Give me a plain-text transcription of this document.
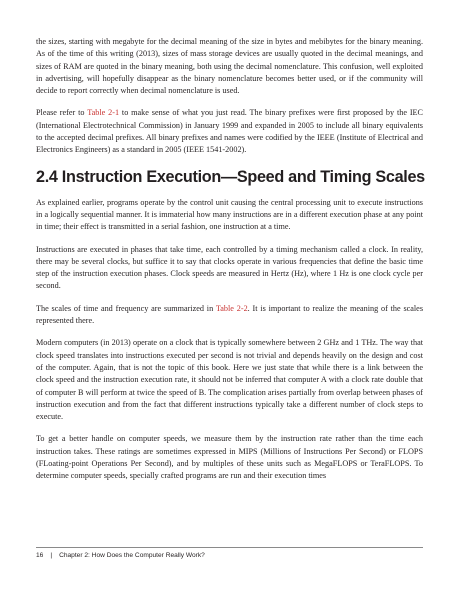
the sizes, starting with megabyte for the decimal meaning of the size in bytes and mebibytes for the binary meaning. As of the time of this writing (2013), sizes of mass storage devices are usually quoted in the decimal meanings, and sizes of RAM are quoted in the binary meaning, both using the decimal nomenclature. This confusion, well exploited in advertising, will hopefully disappear as the binary nomenclature becomes better used, or if the community will decide to report correctly when decimal nomenclature is used.

Please refer to Table 2-1 to make sense of what you just read. The binary prefixes were first proposed by the IEC (International Electrotechnical Commission) in January 1999 and expanded in 2005 to include all binary equivalents to the accepted decimal prefixes. All binary prefixes and names were codified by the IEEE (Institute of Electrical and Electronics Engineers) as a standard in 2005 (IEEE 1541-2002).

2.4 Instruction Execution—Speed and Timing Scales

As explained earlier, programs operate by the control unit causing the central processing unit to execute instructions in a logically sequential manner. It is immaterial how many instructions are in a different execution phase at any point in time; their effect is transmitted in a serial fashion, one instruction at a time.

Instructions are executed in phases that take time, each controlled by a timing mechanism called a clock. In reality, there may be several clocks, but suffice it to say that clocks operate in various frequencies that define the basic time step of the instruction execution phases. Clock speeds are measured in Hertz (Hz), where 1 Hz is one clock cycle per second.

The scales of time and frequency are summarized in Table 2-2. It is important to realize the meaning of the scales represented there.

Modern computers (in 2013) operate on a clock that is typically somewhere between 2 GHz and 1 THz. The way that clock speed translates into instructions executed per second is not trivial and depends heavily on the design and cost of the computer. Again, that is not the topic of this book. Here we just state that while there is a link between the clock speed and the instruction execution rate, it should not be inferred that computer A with a clock rate double that of computer B will perform at twice the speed of B. The complication arises partially from overlap between phases of instruction execution and from the fact that different instructions typically take a different number of clock steps to execute.

To get a better handle on computer speeds, we measure them by the instruction rate rather than the time each instruction takes. These ratings are sometimes expressed in MIPS (Millions of Instructions Per Second) or FLOPS (FLoating-point Operations Per Second), and by multiples of these units such as MegaFLOPS or TeraFLOPS. To determine computer speeds, specially crafted programs are run and their execution times

16 | Chapter 2: How Does the Computer Really Work?
